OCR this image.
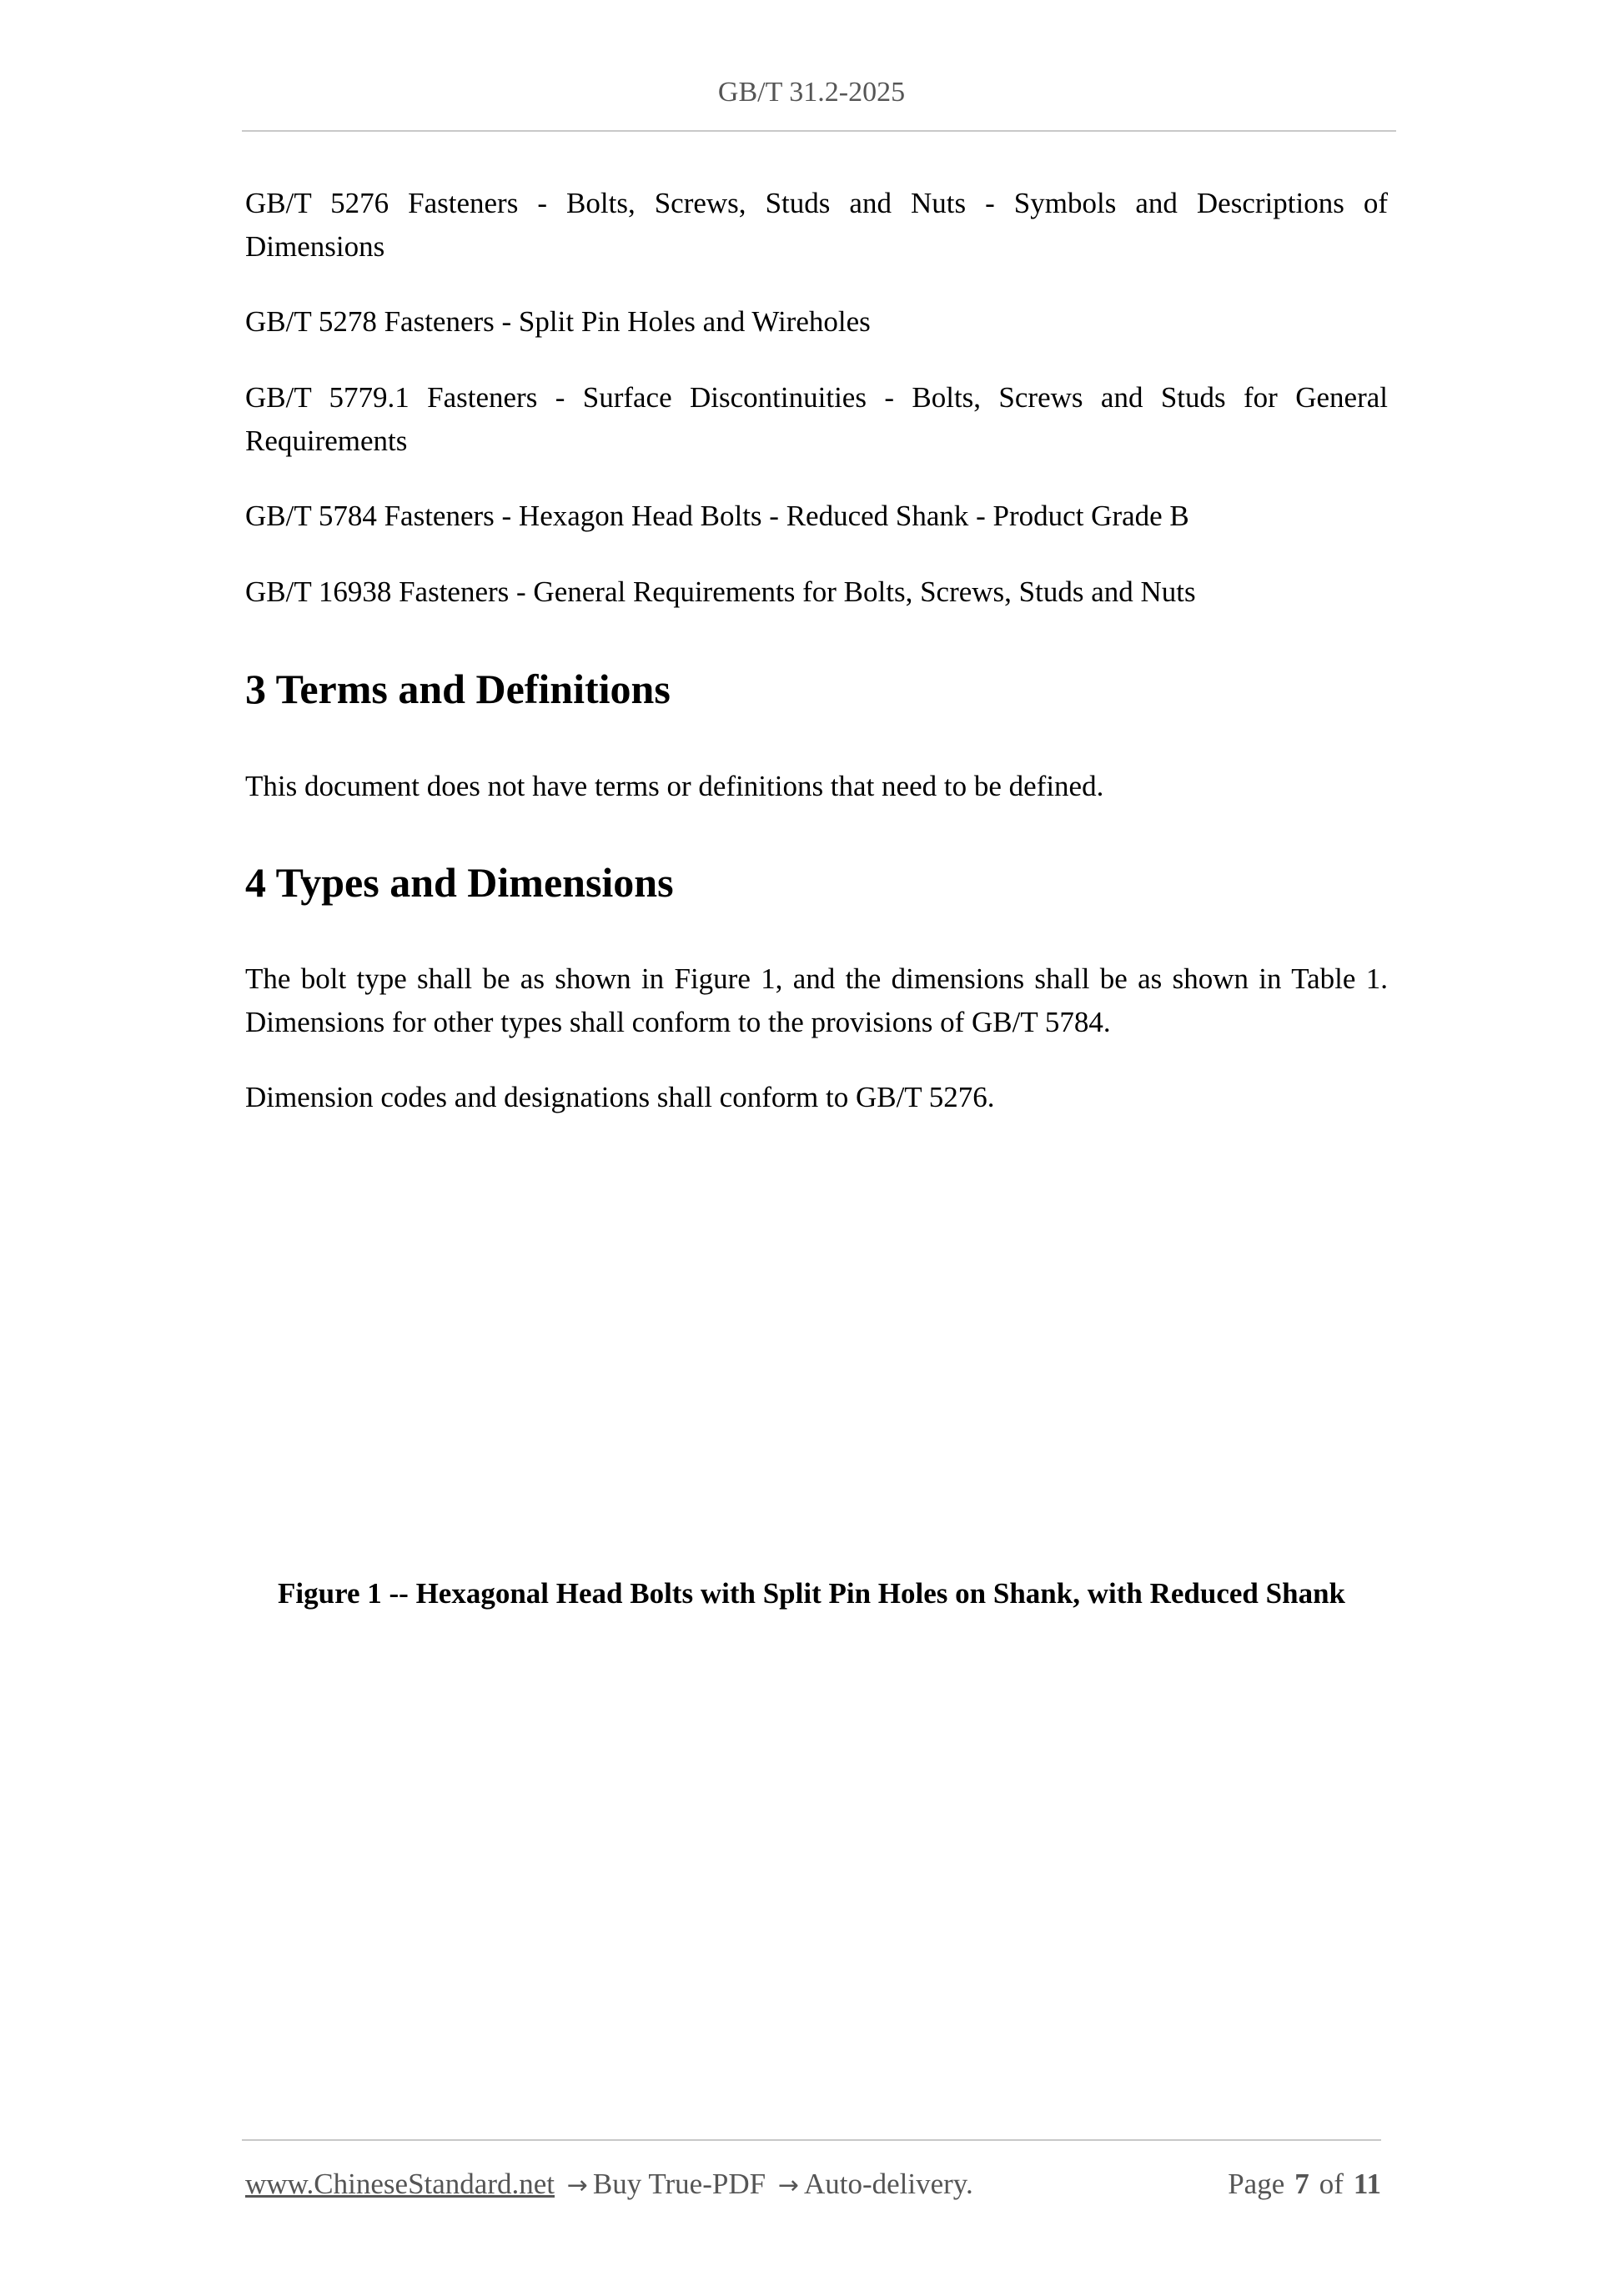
GB/T 31.2-2025
GB/T 5276 Fasteners - Bolts, Screws, Studs and Nuts - Symbols and Descriptions of
Dimensions
GB/T 5278 Fasteners - Split Pin Holes and Wireholes
GB/T 5779.1 Fasteners - Surface Discontinuities - Bolts, Screws and Studs for General
Requirements
GB/T 5784 Fasteners - Hexagon Head Bolts - Reduced Shank - Product Grade B
GB/T 16938 Fasteners - General Requirements for Bolts, Screws, Studs and Nuts
3 Terms and Definitions
This document does not have terms or definitions that need to be defined.
4 Types and Dimensions
The bolt type shall be as shown in Figure 1, and the dimensions shall be as shown in Table 1.
Dimensions for other types shall conform to the provisions of GB/T 5784.
Dimension codes and designations shall conform to GB/T 5276.
Figure 1 -- Hexagonal Head Bolts with Split Pin Holes on Shank, with Reduced Shank
www.ChineseStandard.net → Buy True-PDF → Auto-delivery.	Page 7 of 11
